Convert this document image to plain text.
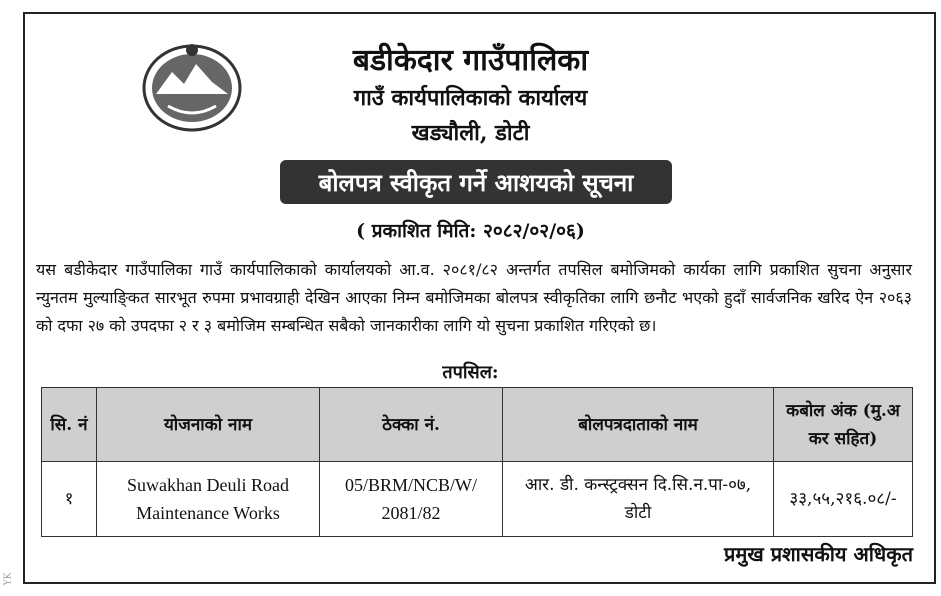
बडीकेदार गाउँपालिका
गाउँ कार्यपालिकाको कार्यालय
खड्यौली, डोटी
बोलपत्र स्वीकृत गर्ने आशयको सूचना
( प्रकाशित मिति: २०८२/०२/०६)
यस बडीकेदार गाउँपालिका गाउँ कार्यपालिकाको कार्यालयको आ.व. २०८१/८२ अन्तर्गत तपसिल बमोजिमको कार्यका लागि प्रकाशित सुचना अनुसार न्युनतम मुल्याङ्‍कित सारभूत रुपमा प्रभावग्राही देखिन आएका निम्न बमोजिमका बोलपत्र स्वीकृतिका लागि छनौट भएको हुदाँ सार्वजनिक खरिद ऐन २०६३ को दफा २७ को उपदफा २ र ३ बमोजिम सम्बन्धित सबैको जानकारीका लागि यो सुचना प्रकाशित गरिएको छ।
तपसिल:
सि. नं	योजनाको नाम	ठेक्का नं.	बोलपत्रदाताको नाम	कबोल अंक (मु.अ कर सहित)
१	Suwakhan Deuli Road Maintenance Works	05/BRM/NCB/W/ 2081/82	आर. डी. कन्स्ट्रक्सन दि.सि.न.पा-०७, डोटी	३३,५५,२१६.०८/-
प्रमुख प्रशासकीय अधिकृत
YK
